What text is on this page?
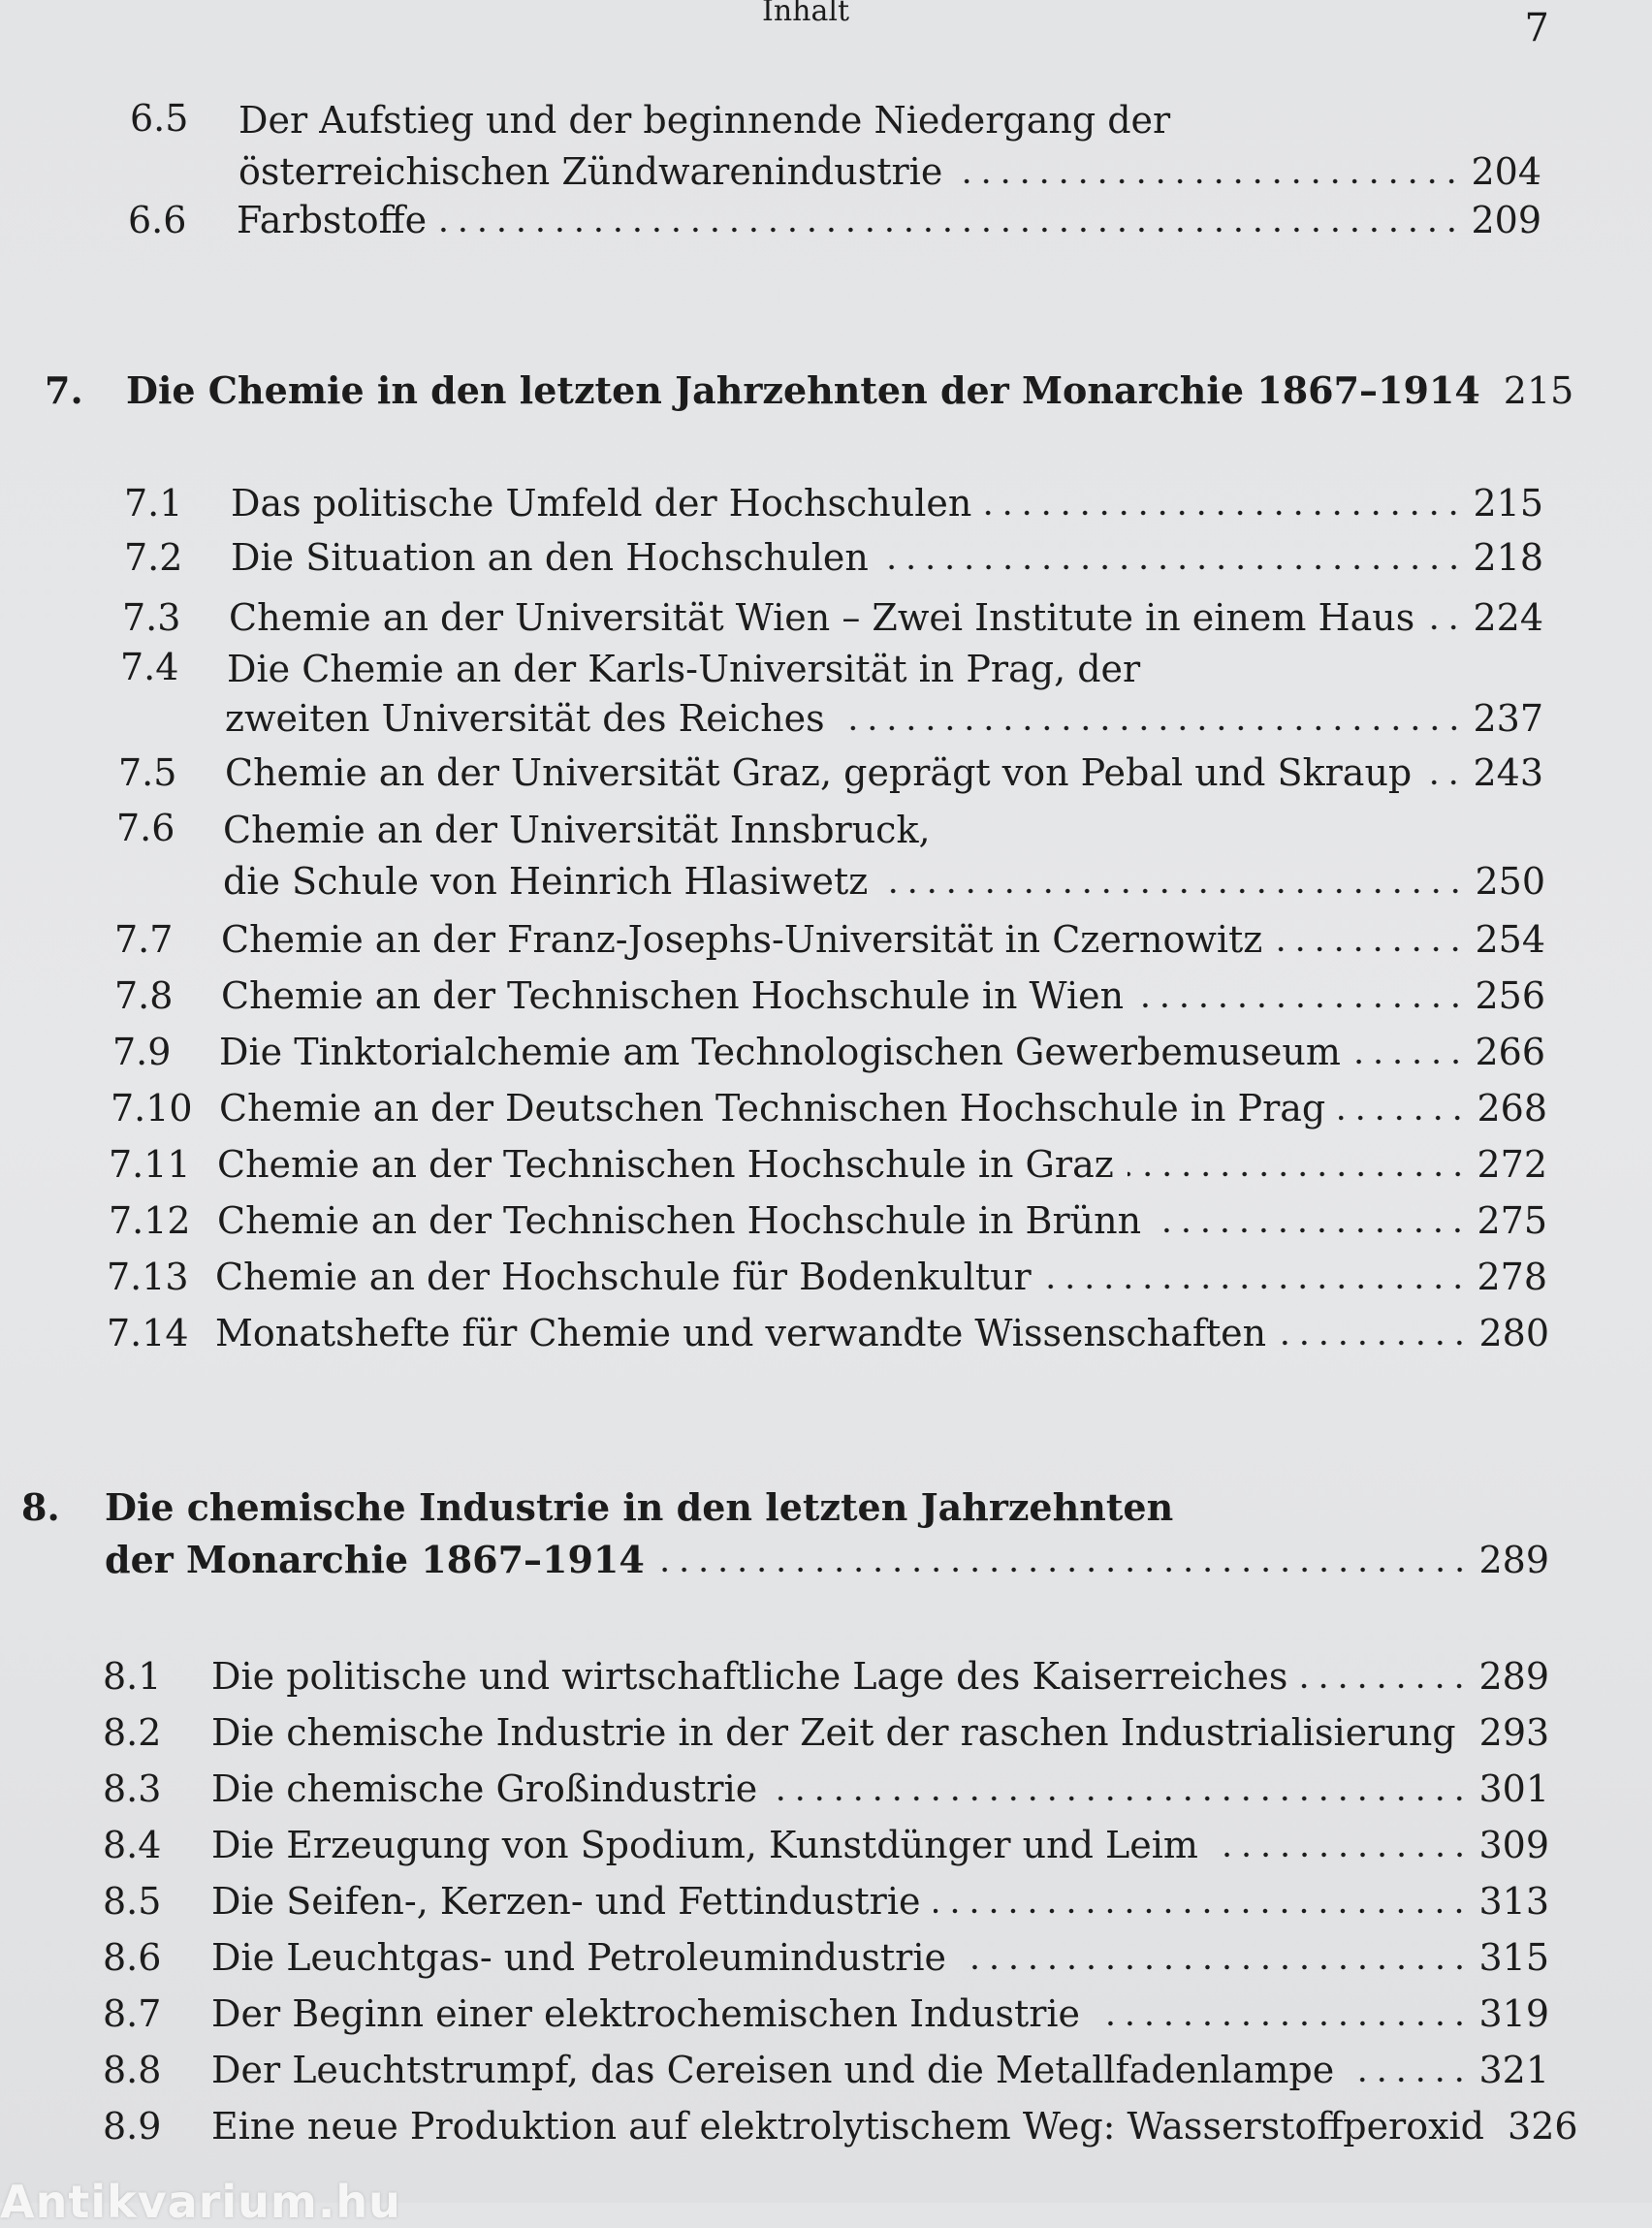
Inhalt	7
6.5 Der Aufstieg und der beginnende Niedergang der
österreichischen Zündwarenindustrie	204
6.6 Farbstoffe	209
7. Die Chemie in den letzten Jahrzehnten der Monarchie 1867–1914 215
7.1 Das politische Umfeld der Hochschulen	215
7.2 Die Situation an den Hochschulen	218
7.3 Chemie an der Universität Wien – Zwei Institute in einem Haus 224
7.4 Die Chemie an der Karls-Universität in Prag, der
zweiten Universität des Reiches	237
7.5 Chemie an der Universität Graz, geprägt von Pebal und Skraup 243
7.6 Chemie an der Universität Innsbruck,
die Schule von Heinrich Hlasiwetz	250
7.7 Chemie an der Franz-Josephs-Universität in Czernowitz	254
7.8 Chemie an der Technischen Hochschule in Wien	256
7.9 Die Tinktorialchemie am Technologischen Gewerbemuseum	266
7.10 Chemie an der Deutschen Technischen Hochschule in Prag	268
7.11 Chemie an der Technischen Hochschule in Graz	272
7.12 Chemie an der Technischen Hochschule in Brünn	275
7.13 Chemie an der Hochschule für Bodenkultur	278
7.14 Monatshefte für Chemie und verwandte Wissenschaften	280
8. Die chemische Industrie in den letzten Jahrzehnten
der Monarchie 1867–1914	289
8.1 Die politische und wirtschaftliche Lage des Kaiserreiches	289
8.2 Die chemische Industrie in der Zeit der raschen Industrialisierung 293
8.3 Die chemische Großindustrie	301
8.4 Die Erzeugung von Spodium, Kunstdünger und Leim	309
8.5 Die Seifen-, Kerzen- und Fettindustrie	313
8.6 Die Leuchtgas- und Petroleumindustrie	315
8.7 Der Beginn einer elektrochemischen Industrie	319
8.8 Der Leuchtstrumpf, das Cereisen und die Metallfadenlampe	321
8.9 Eine neue Produktion auf elektrolytischem Weg: Wasserstoffperoxid 326
Antikvarium.hu
